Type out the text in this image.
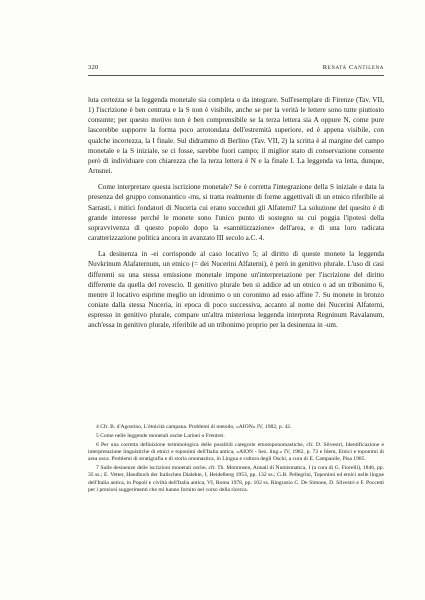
320	Renata Cantilena

luta certezza se la leggenda monetale sia completa o da integrare. Sull'esemplare di Firenze (Tav. VII, 1) l'iscrizione è ben centrata e la S non è visibile, anche se per la verità le lettere sono tutte piuttosto consunte; per questo motivo non è ben comprensibile se la terza lettera sia A oppure N, come pure lascerebbe supporre la forma poco arrotondata dell'estremità superiore, ed è appena visibile, con qualche incertezza, la I finale. Sul didrammo di Berlino (Tav. VII, 2) la scritta è al margine del campo monetale e la S iniziale, se ci fosse, sarebbe fuori campo; il miglior stato di conservazione consente però di individuare con chiarezza che la terza lettera è N e la finale I. La leggenda va letta, dunque, Arnsnei.

Come interpretare questa iscrizione monetale? Se è corretta l'integrazione della S iniziale e data la presenza del gruppo consonantico -rns, si tratta realmente di forme aggettivali di un etnico riferibile ai Sarrasti, i mitici fondatori di Nuceria cui erano succeduti gli Alfaterni? La soluzione del quesito è di grande interesse perché le monete sono l'unico punto di sostegno su cui poggia l'ipotesi della sopravvivenza di questo popolo dopo la «sannitizzazione» dell'area, e di una loro radicata caratterizzazione politica ancora in avanzato III secolo a.C. 4.

La desinenza in -ei corrisponde al caso locativo 5; al diritto di queste monete la leggenda Nuvkrinum Alafaternum, un etnico (= dei Nucerini Alfaterni), è però in genitivo plurale. L'uso di casi differenti su una stessa emissione monetale impone un'interpretazione per l'iscrizione del diritto differente da quella del rovescio. Il genitivo plurale ben si addice ad un etnico o ad un tribonimo 6, mentre il locativo esprime meglio un idronimo o un coronimo ad esso affine 7. Su monete in bronzo coniate dalla stessa Nuceria, in epoca di poco successiva, accanto al nome dei Nucerini Alfaterni, espresso in genitivo plurale, compare un'altra misteriosa leggenda interpreta Regninum Ravalanum, anch'essa in genitivo plurale, riferibile ad un tribonimo proprio per la desinenza in -um.

4 Cfr. B. d'Agostino, L'ètnicità campana. Problemi di metodo, «AION» IV, 1982, p. 42.

5 Come nelle leggende monetali osche Larinei o Frentrei.

6 Per una corretta definizione terminologica delle possibili categorie etnotoponomastiche, cfr. D. Silvestri, Identificazione e interpretazione linguistiche di etnici e toponimi dell'Italia antica, «AION - Sez. ling.» IV, 1982, p. 73 e Idem, Etnici e toponimi di area osca. Problemi di stratigrafia e di storia onomastica, in Lingua e cultura degli Oschi, a cura di E. Campanile, Pisa 1985.

7 Sulle desinenze delle iscrizioni monetali osche, cfr. Th. Mommsen, Annali di Numismatica, I (a cura di G. Fiorelli), 1846, pp. 35 ss.; E. Vetter, Handbuch der Italischen Dialekte, I, Heidelberg 1953, pp. 132 ss.; G.B. Pellegrini, Toponimi ed etnici nelle lingue dell'Italia antica, in Popoli e civiltà dell'Italia antica, VI, Roma 1978, pp. 102 ss. Ringrazio C. De Simone, D. Silvestri e F. Poccetti per i preziosi suggerimenti che mi hanno fornito nel corso della ricerca.
